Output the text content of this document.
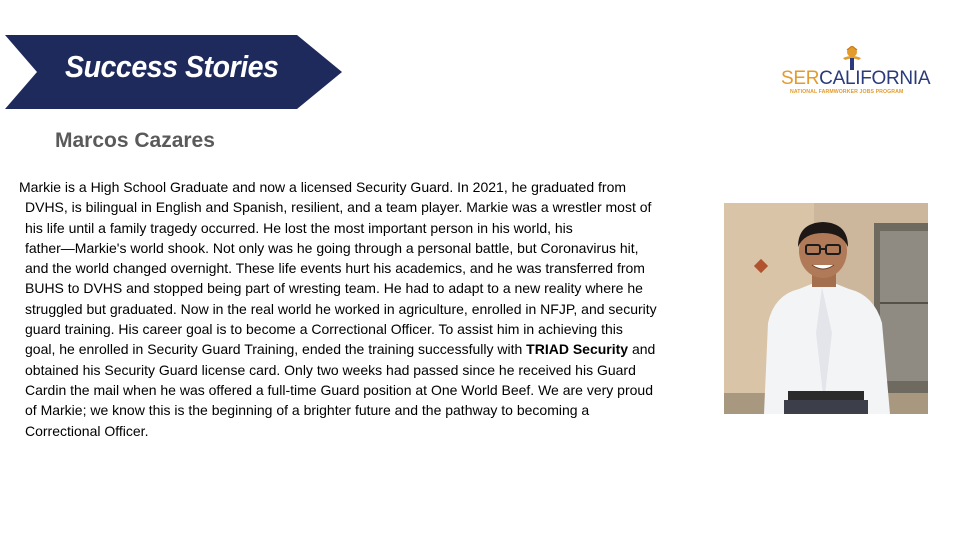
Success Stories	SERCALIFORNIA
NATIONAL FARMWORKER JOBS PROGRAM
Marcos Cazares
Markie is a High School Graduate and now a licensed Security Guard. In 2021, he graduated from
DVHS, is bilingual in English and Spanish, resilient, and a team player. Markie was a wrestler most of
his life until a family tragedy occurred. He lost the most important person in his world, his
father—Markie's world shook. Not only was he going through a personal battle, but Coronavirus hit,
and the world changed overnight. These life events hurt his academics, and he was transferred from
BUHS to DVHS and stopped being part of wresting team. He had to adapt to a new reality where he
struggled but graduated. Now in the real world he worked in agriculture, enrolled in NFJP, and security
guard training. His career goal is to become a Correctional Officer. To assist him in achieving this
goal, he enrolled in Security Guard Training, ended the training successfully with TRIAD Security and
obtained his Security Guard license card. Only two weeks had passed since he received his Guard
Cardin the mail when he was offered a full-time Guard position at One World Beef. We are very proud
of Markie; we know this is the beginning of a brighter future and the pathway to becoming a
Correctional Officer.
